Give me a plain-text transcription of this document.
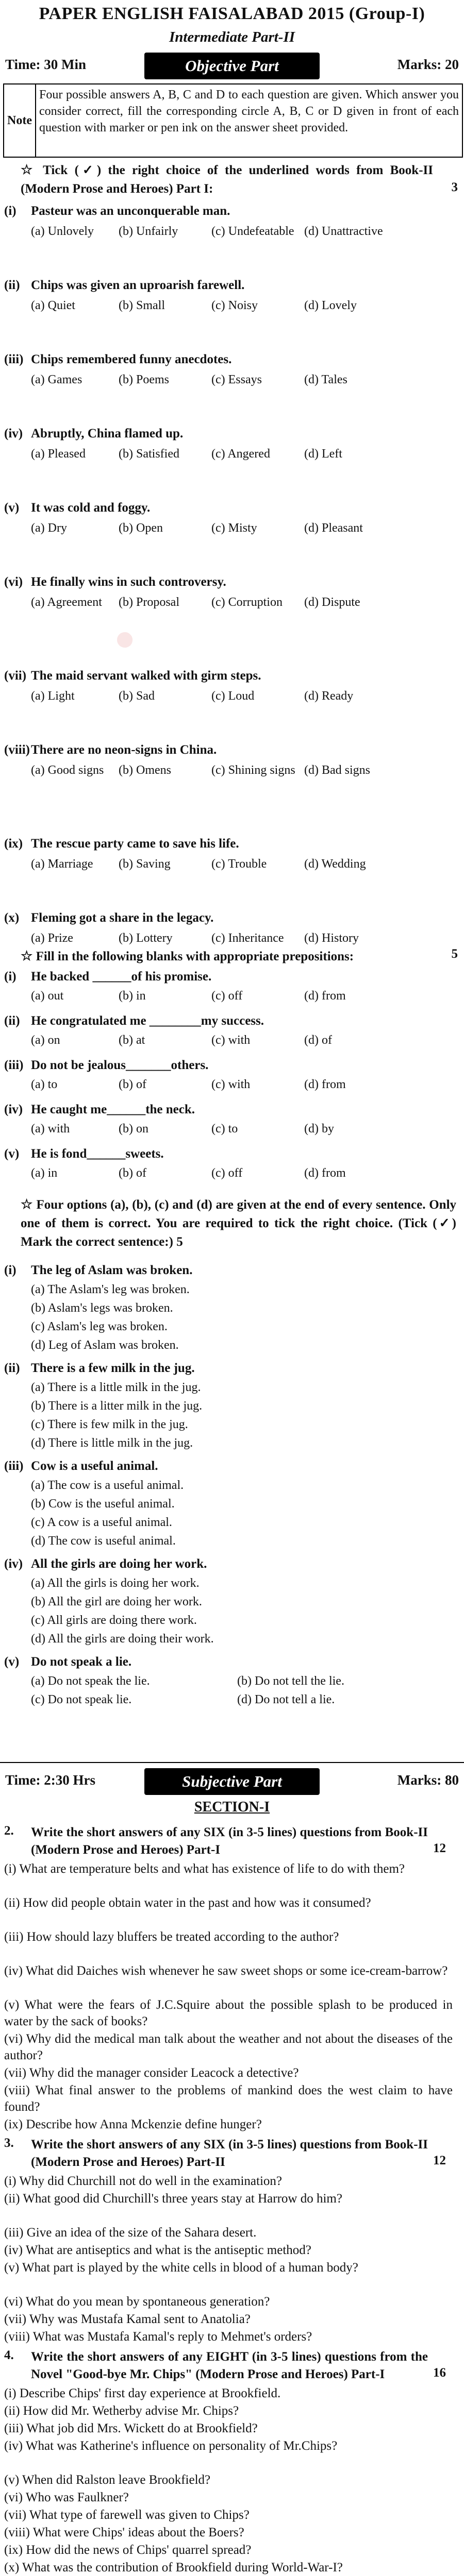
PAPER ENGLISH FAISALABAD 2015 (Group-I)
Intermediate Part-II
Time: 30 Min	Objective Part	Marks: 20
Note
Four possible answers A, B, C and D to each question are given. Which answer you consider correct, fill the corresponding circle A, B, C or D given in front of each question with marker or pen ink on the answer sheet provided.
☆ Tick (✓) the right choice of the underlined words from Book-II (Modern Prose and Heroes) Part I:	3
☆ Fill in the following blanks with appropriate prepositions:	5
☆ Four options (a), (b), (c) and (d) are given at the end of every sentence. Only one of them is correct. You are required to tick the right choice. (Tick (✓) Mark the correct sentence:) 5
Time: 2:30 Hrs	Subjective Part	Marks: 80
SECTION-I
●
(i) Pasteur was an unconquerable man.
(a) Unlovely (b) Unfairly	(c) Undefeatable (d) Unattractive
(ii) Chips was given an uproarish farewell.
(a) Quiet	(b) Small	(c) Noisy	(d) Lovely
(iii) Chips remembered funny anecdotes.
(a) Games	(b) Poems	(c) Essays	(d) Tales
(iv) Abruptly, China flamed up.
(a) Pleased	(b) Satisfied	(c) Angered	(d) Left
(v) It was cold and foggy.
(a) Dry	(b) Open	(c) Misty	(d) Pleasant
(vi) He finally wins in such controversy.
(a) Agreement (b) Proposal	(c) Corruption (d) Dispute
(vii) The maid servant walked with girm steps.
(a) Light	(b) Sad	(c) Loud	(d) Ready
(viii) There are no neon-signs in China.
(a) Good signs (b) Omens	(c) Shining signs (d) Bad signs
(ix) The rescue party came to save his life.
(a) Marriage (b) Saving	(c) Trouble	(d) Wedding
(x) Fleming got a share in the legacy.
(a) Prize	(b) Lottery	(c) Inheritance (d) History
(i) He backed ______of his promise.
(a) out	(b) in	(c) off	(d) from
(ii) He congratulated me ________my success.
(a) on	(b) at	(c) with	(d) of
(iii) Do not be jealous_______others.
(a) to	(b) of	(c) with	(d) from
(iv) He caught me______the neck.
(a) with	(b) on	(c) to	(d) by
(v) He is fond______sweets.
(a) in	(b) of	(c) off	(d) from
(i) The leg of Aslam was broken.
(a) The Aslam's leg was broken.
(b) Aslam's legs was broken.
(c) Aslam's leg was broken.
(d) Leg of Aslam was broken.
(ii) There is a few milk in the jug.
(a) There is a little milk in the jug.
(b) There is a litter milk in the jug.
(c) There is few milk in the jug.
(d) There is little milk in the jug.
(iii) Cow is a useful animal.
(a) The cow is a useful animal.
(b) Cow is the useful animal.
(c) A cow is a useful animal.
(d) The cow is useful animal.
(iv) All the girls are doing her work.
(a) All the girls is doing her work.
(b) All the girl are doing her work.
(c) All girls are doing there work.
(d) All the girls are doing their work.
(v) Do not speak a lie.
(a) Do not speak the lie.	(b) Do not tell the lie.
(c) Do not speak lie.	(d) Do not tell a lie.
2. Write the short answers of any SIX (in 3-5 lines) questions from Book-II (Modern Prose and Heroes) Part-I	12
(i) What are temperature belts and what has existence of life to do with them?
(ii) How did people obtain water in the past and how was it consumed?
(iii) How should lazy bluffers be treated according to the author?
(iv) What did Daiches wish whenever he saw sweet shops or some ice-cream-barrow?
(v) What were the fears of J.C.Squire about the possible splash to be produced in water by the sack of books?
(vi) Why did the medical man talk about the weather and not about the diseases of the author?
(vii) Why did the manager consider Leacock a detective?
(viii) What final answer to the problems of mankind does the west claim to have found?
(ix) Describe how Anna Mckenzie define hunger?
3. Write the short answers of any SIX (in 3-5 lines) questions from Book-II (Modern Prose and Heroes) Part-II	12
(i) Why did Churchill not do well in the examination?
(ii) What good did Churchill's three years stay at Harrow do him?
(iii) Give an idea of the size of the Sahara desert.
(iv) What are antiseptics and what is the antiseptic method?
(v) What part is played by the white cells in blood of a human body?
(vi) What do you mean by spontaneous generation?
(vii) Why was Mustafa Kamal sent to Anatolia?
(viii) What was Mustafa Kamal's reply to Mehmet's orders?
4. Write the short answers of any EIGHT (in 3-5 lines) questions from the Novel "Good-bye Mr. Chips" (Modern Prose and Heroes) Part-I	16
(i) Describe Chips' first day experience at Brookfield.
(ii) How did Mr. Wetherby advise Mr. Chips?
(iii) What job did Mrs. Wickett do at Brookfield?
(iv) What was Katherine's influence on personality of Mr.Chips?
(v) When did Ralston leave Brookfield?
(vi) Who was Faulkner?
(vii) What type of farewell was given to Chips?
(viii) What were Chips' ideas about the Boers?
(ix) How did the news of Chips' quarrel spread?
(x) What was the contribution of Brookfield during World-War-I?
